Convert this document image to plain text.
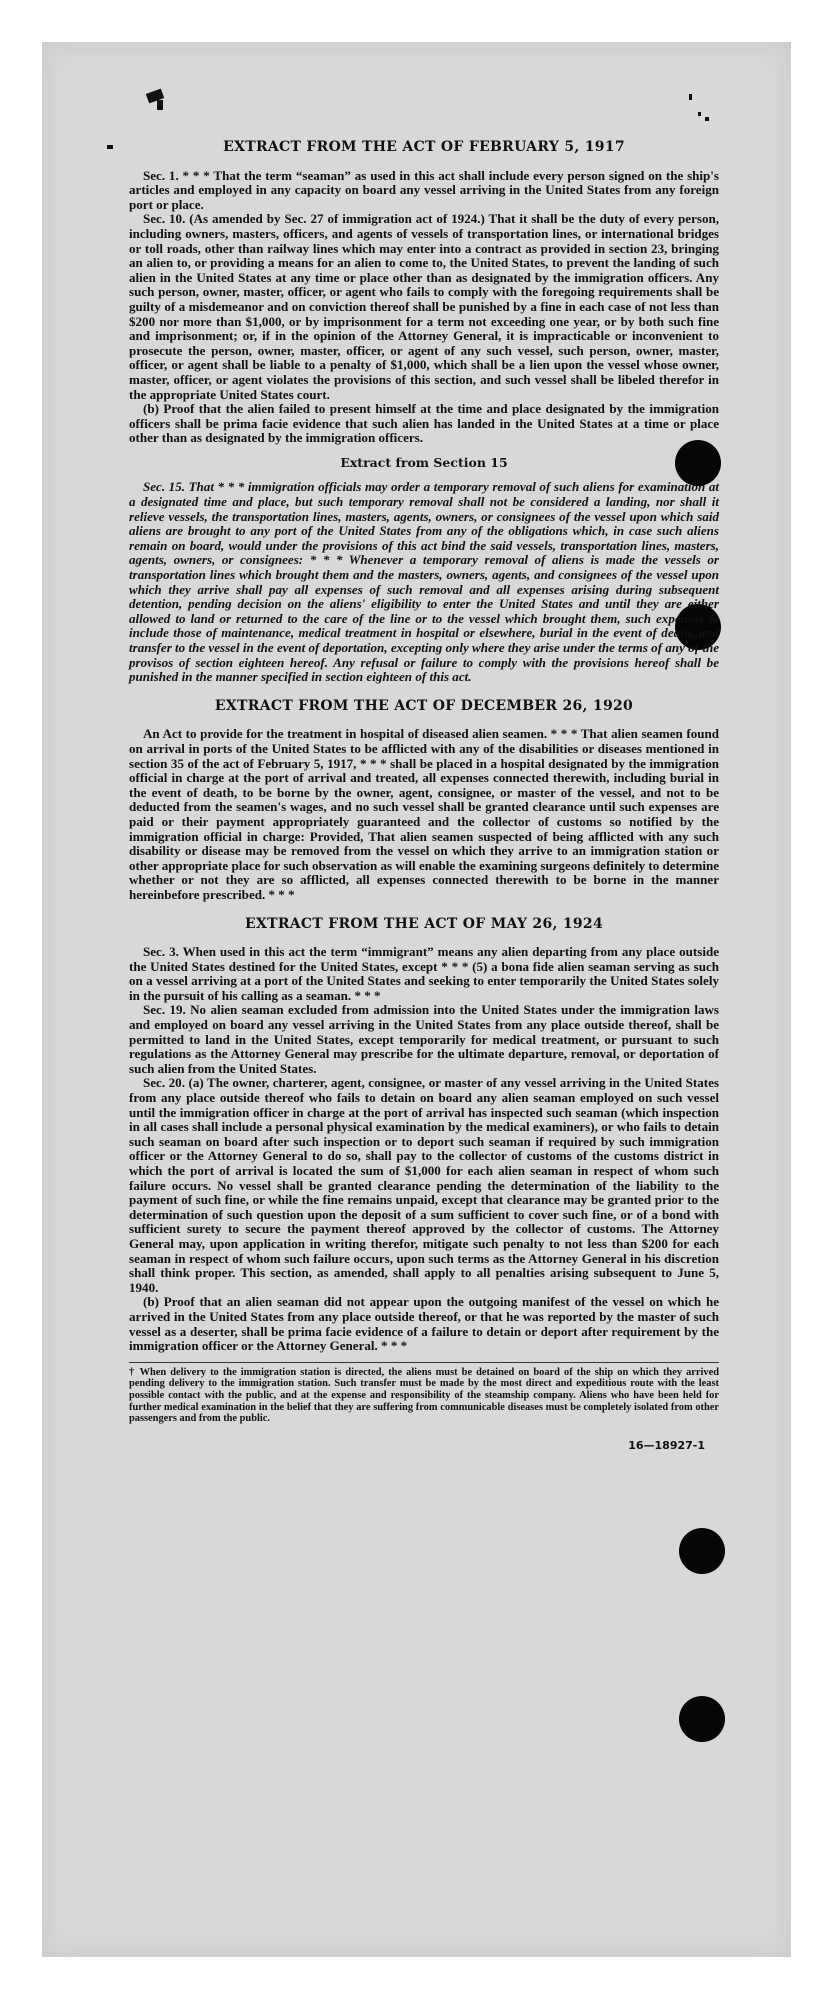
EXTRACT FROM THE ACT OF FEBRUARY 5, 1917

Sec. 1. * * * That the term “seaman” as used in this act shall include every person signed on the ship's articles and employed in any capacity on board any vessel arriving in the United States from any foreign port or place.

Sec. 10. (As amended by Sec. 27 of immigration act of 1924.) That it shall be the duty of every person, including owners, masters, officers, and agents of vessels of transportation lines, or international bridges or toll roads, other than railway lines which may enter into a contract as provided in section 23, bringing an alien to, or providing a means for an alien to come to, the United States, to prevent the landing of such alien in the United States at any time or place other than as designated by the immigration officers. Any such person, owner, master, officer, or agent who fails to comply with the foregoing requirements shall be guilty of a misdemeanor and on conviction thereof shall be punished by a fine in each case of not less than $200 nor more than $1,000, or by imprisonment for a term not exceeding one year, or by both such fine and imprisonment; or, if in the opinion of the Attorney General, it is impracticable or inconvenient to prosecute the person, owner, master, officer, or agent of any such vessel, such person, owner, master, officer, or agent shall be liable to a penalty of $1,000, which shall be a lien upon the vessel whose owner, master, officer, or agent violates the provisions of this section, and such vessel shall be libeled therefor in the appropriate United States court.

(b) Proof that the alien failed to present himself at the time and place designated by the immigration officers shall be prima facie evidence that such alien has landed in the United States at a time or place other than as designated by the immigration officers.

Extract from Section 15

Sec. 15. That * * * immigration officials may order a temporary removal of such aliens for examination at a designated time and place, but such temporary removal shall not be considered a landing, nor shall it relieve vessels, the transportation lines, masters, agents, owners, or consignees of the vessel upon which said aliens are brought to any port of the United States from any of the obligations which, in case such aliens remain on board, would under the provisions of this act bind the said vessels, transportation lines, masters, agents, owners, or consignees: * * * Whenever a temporary removal of aliens is made the vessels or transportation lines which brought them and the masters, owners, agents, and consignees of the vessel upon which they arrive shall pay all expenses of such removal and all expenses arising during subsequent detention, pending decision on the aliens' eligibility to enter the United States and until they are either allowed to land or returned to the care of the line or to the vessel which brought them, such expenses to include those of maintenance, medical treatment in hospital or elsewhere, burial in the event of death, and transfer to the vessel in the event of deportation, excepting only where they arise under the terms of any of the provisos of section eighteen hereof. Any refusal or failure to comply with the provisions hereof shall be punished in the manner specified in section eighteen of this act.

EXTRACT FROM THE ACT OF DECEMBER 26, 1920

An Act to provide for the treatment in hospital of diseased alien seamen. * * * That alien seamen found on arrival in ports of the United States to be afflicted with any of the disabilities or diseases mentioned in section 35 of the act of February 5, 1917, * * * shall be placed in a hospital designated by the immigration official in charge at the port of arrival and treated, all expenses connected therewith, including burial in the event of death, to be borne by the owner, agent, consignee, or master of the vessel, and not to be deducted from the seamen's wages, and no such vessel shall be granted clearance until such expenses are paid or their payment appropriately guaranteed and the collector of customs so notified by the immigration official in charge: Provided, That alien seamen suspected of being afflicted with any such disability or disease may be removed from the vessel on which they arrive to an immigration station or other appropriate place for such observation as will enable the examining surgeons definitely to determine whether or not they are so afflicted, all expenses connected therewith to be borne in the manner hereinbefore prescribed. * * *

EXTRACT FROM THE ACT OF MAY 26, 1924

Sec. 3. When used in this act the term “immigrant” means any alien departing from any place outside the United States destined for the United States, except * * * (5) a bona fide alien seaman serving as such on a vessel arriving at a port of the United States and seeking to enter temporarily the United States solely in the pursuit of his calling as a seaman. * * *

Sec. 19. No alien seaman excluded from admission into the United States under the immigration laws and employed on board any vessel arriving in the United States from any place outside thereof, shall be permitted to land in the United States, except temporarily for medical treatment, or pursuant to such regulations as the Attorney General may prescribe for the ultimate departure, removal, or deportation of such alien from the United States.

Sec. 20. (a) The owner, charterer, agent, consignee, or master of any vessel arriving in the United States from any place outside thereof who fails to detain on board any alien seaman employed on such vessel until the immigration officer in charge at the port of arrival has inspected such seaman (which inspection in all cases shall include a personal physical examination by the medical examiners), or who fails to detain such seaman on board after such inspection or to deport such seaman if required by such immigration officer or the Attorney General to do so, shall pay to the collector of customs of the customs district in which the port of arrival is located the sum of $1,000 for each alien seaman in respect of whom such failure occurs. No vessel shall be granted clearance pending the determination of the liability to the payment of such fine, or while the fine remains unpaid, except that clearance may be granted prior to the determination of such question upon the deposit of a sum sufficient to cover such fine, or of a bond with sufficient surety to secure the payment thereof approved by the collector of customs. The Attorney General may, upon application in writing therefor, mitigate such penalty to not less than $200 for each seaman in respect of whom such failure occurs, upon such terms as the Attorney General in his discretion shall think proper. This section, as amended, shall apply to all penalties arising subsequent to June 5, 1940.

(b) Proof that an alien seaman did not appear upon the outgoing manifest of the vessel on which he arrived in the United States from any place outside thereof, or that he was reported by the master of such vessel as a deserter, shall be prima facie evidence of a failure to detain or deport after requirement by the immigration officer or the Attorney General. * * *

† When delivery to the immigration station is directed, the aliens must be detained on board of the ship on which they arrived pending delivery to the immigration station. Such transfer must be made by the most direct and expeditious route with the least possible contact with the public, and at the expense and responsibility of the steamship company. Aliens who have been held for further medical examination in the belief that they are suffering from communicable diseases must be completely isolated from other passengers and from the public.
16—18927-1
